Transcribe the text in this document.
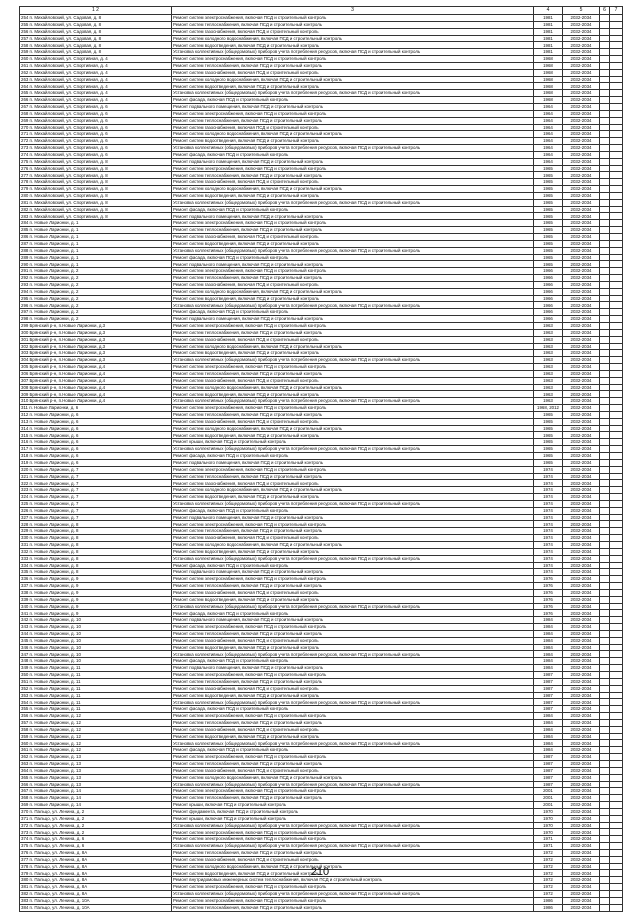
1 2	3	4	5	6	7
254 п. Михайловский, ул. Садовая, д. 8	Ремонт систем электроснабжения, включая ПСД и строительный контроль	1981	2032-2034		
255 п. Михайловский, ул. Садовая, д. 8	Ремонт систем теплоснабжения, включая ПСД и строительный контроль	1981	2032-2034		
256 п. Михайловский, ул. Садовая, д. 8	Ремонт систем газоснабжения, включая ПСД и строительный контроль	1981	2032-2034		
257 п. Михайловский, ул. Садовая, д. 8	Ремонт систем холодного водоснабжения, включая ПСД и строительный контроль	1981	2032-2034		
258 п. Михайловский, ул. Садовая, д. 8	Ремонт систем водоотведения, включая ПСД и строительный контроль	1981	2032-2034		
259 п. Михайловский, ул. Садовая, д. 8	Установка коллективных (общедомовых) приборов учета потребления ресурсов, включая ПСД и строительный контроль	1981	2032-2034		
260 п. Михайловский, ул. Спортивная, д. 4	Ремонт систем электроснабжения, включая ПСД и строительный контроль	1968	2032-2034		
261 п. Михайловский, ул. Спортивная, д. 4	Ремонт систем теплоснабжения, включая ПСД и строительный контроль	1968	2032-2034		
262 п. Михайловский, ул. Спортивная, д. 4	Ремонт систем газоснабжения, включая ПСД и строительный контроль	1968	2032-2034		
263 п. Михайловский, ул. Спортивная, д. 4	Ремонт систем холодного водоснабжения, включая ПСД и строительный контроль	1968	2032-2034		
264 п. Михайловский, ул. Спортивная, д. 4	Ремонт систем водоотведения, включая ПСД и строительный контроль	1968	2032-2034		
265 п. Михайловский, ул. Спортивная, д. 4	Установка коллективных (общедомовых) приборов учета потребления ресурсов, включая ПСД и строительный контроль	1968	2032-2034		
266 п. Михайловский, ул. Спортивная, д. 4	Ремонт фасада, включая ПСД и строительный контроль	1968	2032-2034		
267 п. Михайловский, ул. Спортивная, д. 6	Ремонт подвального помещения, включая ПСД и строительный контроль	1964	2032-2034		
268 п. Михайловский, ул. Спортивная, д. 6	Ремонт систем электроснабжения, включая ПСД и строительный контроль	1964	2032-2034		
269 п. Михайловский, ул. Спортивная, д. 6	Ремонт систем теплоснабжения, включая ПСД и строительный контроль	1964	2032-2034		
270 п. Михайловский, ул. Спортивная, д. 6	Ремонт систем газоснабжения, включая ПСД и строительный контроль	1964	2032-2034		
271 п. Михайловский, ул. Спортивная, д. 6	Ремонт систем холодного водоснабжения, включая ПСД и строительный контроль	1964	2032-2034		
272 п. Михайловский, ул. Спортивная, д. 6	Ремонт систем водоотведения, включая ПСД и строительный контроль	1964	2032-2034		
273 п. Михайловский, ул. Спортивная, д. 6	Установка коллективных (общедомовых) приборов учета потребления ресурсов, включая ПСД и строительный контроль	1964	2032-2034		
274 п. Михайловский, ул. Спортивная, д. 6	Ремонт фасада, включая ПСД и строительный контроль	1964	2032-2034		
275 п. Михайловский, ул. Спортивная, д. 8	Ремонт подвального помещения, включая ПСД и строительный контроль	1964	2032-2034		
276 п. Михайловский, ул. Спортивная, д. 8	Ремонт систем электроснабжения, включая ПСД и строительный контроль	1965	2032-2034		
277 п. Михайловский, ул. Спортивная, д. 8	Ремонт систем теплоснабжения, включая ПСД и строительный контроль	1965	2032-2034		
278 п. Михайловский, ул. Спортивная, д. 8	Ремонт систем газоснабжения, включая ПСД и строительный контроль	1965	2032-2034		
279 п. Михайловский, ул. Спортивная, д. 8	Ремонт систем холодного водоснабжения, включая ПСД и строительный контроль	1965	2032-2034		
280 п. Михайловский, ул. Спортивная, д. 8	Ремонт систем водоотведения, включая ПСД и строительный контроль	1965	2032-2034		
281 п. Михайловский, ул. Спортивная, д. 8	Установка коллективных (общедомовых) приборов учета потребления ресурсов, включая ПСД и строительный контроль	1965	2032-2034		
282 п. Михайловский, ул. Спортивная, д. 8	Ремонт фасада, включая ПСД и строительный контроль	1965	2032-2034		
283 п. Михайловский, ул. Спортивная, д. 8	Ремонт подвального помещения, включая ПСД и строительный контроль	1965	2032-2034		
284 п. Новые Ларионки, д. 1	Ремонт систем электроснабжения, включая ПСД и строительный контроль	1965	2032-2034		
285 п. Новые Ларионки, д. 1	Ремонт систем теплоснабжения, включая ПСД и строительный контроль	1965	2032-2034		
286 п. Новые Ларионки, д. 1	Ремонт систем газоснабжения, включая ПСД и строительный контроль	1965	2032-2034		
287 п. Новые Ларионки, д. 1	Ремонт систем водоотведения, включая ПСД и строительный контроль	1965	2032-2034		
288 п. Новые Ларионки, д. 1	Установка коллективных (общедомовых) приборов учета потребления ресурсов, включая ПСД и строительный контроль	1965	2032-2034		
289 п. Новые Ларионки, д. 1	Ремонт фасада, включая ПСД и строительный контроль	1965	2032-2034		
290 п. Новые Ларионки, д. 1	Ремонт подвального помещения, включая ПСД и строительный контроль	1965	2032-2034		
291 п. Новые Ларионки, д. 2	Ремонт систем электроснабжения, включая ПСД и строительный контроль	1966	2032-2034		
292 п. Новые Ларионки, д. 2	Ремонт систем теплоснабжения, включая ПСД и строительный контроль	1966	2032-2034		
293 п. Новые Ларионки, д. 2	Ремонт систем газоснабжения, включая ПСД и строительный контроль	1966	2032-2034		
294 п. Новые Ларионки, д. 2	Ремонт систем холодного водоснабжения, включая ПСД и строительный контроль	1966	2032-2034		
295 п. Новые Ларионки, д. 2	Ремонт систем водоотведения, включая ПСД и строительный контроль	1966	2032-2034		
296 п. Новые Ларионки, д. 2	Установка коллективных (общедомовых) приборов учета потребления ресурсов, включая ПСД и строительный контроль	1966	2032-2034		
297 п. Новые Ларионки, д. 2	Ремонт фасада, включая ПСД и строительный контроль	1966	2032-2034		
298 п. Новые Ларионки, д. 2	Ремонт подвального помещения, включая ПСД и строительный контроль	1966	2032-2034		
299 Брянский р-н, п.Новые Ларионки, д.3	Ремонт систем электроснабжения, включая ПСД и строительный контроль	1963	2032-2034		
300 Брянский р-н, п.Новые Ларионки, д.3	Ремонт систем теплоснабжения, включая ПСД и строительный контроль	1963	2032-2034		
301 Брянский р-н, п.Новые Ларионки, д.3	Ремонт систем газоснабжения, включая ПСД и строительный контроль	1963	2032-2034		
302 Брянский р-н, п.Новые Ларионки, д.3	Ремонт систем холодного водоснабжения, включая ПСД и строительный контроль	1963	2032-2034		
303 Брянский р-н, п.Новые Ларионки, д.3	Ремонт систем водоотведения, включая ПСД и строительный контроль	1963	2032-2034		
304 Брянский р-н, п.Новые Ларионки, д.3	Установка коллективных (общедомовых) приборов учета потребления ресурсов, включая ПСД и строительный контроль	1963	2032-2034		
305 Брянский р-н, п.Новые Ларионки, д.4	Ремонт систем электроснабжения, включая ПСД и строительный контроль	1963	2032-2034		
306 Брянский р-н, п.Новые Ларионки, д.4	Ремонт систем теплоснабжения, включая ПСД и строительный контроль	1963	2032-2034		
307 Брянский р-н, п.Новые Ларионки, д.4	Ремонт систем газоснабжения, включая ПСД и строительный контроль	1963	2032-2034		
308 Брянский р-н, п.Новые Ларионки, д.4	Ремонт систем холодного водоснабжения, включая ПСД и строительный контроль	1963	2032-2034		
309 Брянский р-н, п.Новые Ларионки, д.4	Ремонт систем водоотведения, включая ПСД и строительный контроль	1963	2032-2034		
310 Брянский р-н, п.Новые Ларионки, д.4	Установка коллективных (общедомовых) приборов учета потребления ресурсов, включая ПСД и строительный контроль	1963	2032-2034		
311 п. Новые Ларионки, д. 6	Ремонт систем электроснабжения, включая ПСД и строительный контроль	1968, 2012	2032-2034		
312 п. Новые Ларионки, д. 6	Ремонт систем теплоснабжения, включая ПСД и строительный контроль	1965	2032-2034		
313 п. Новые Ларионки, д. 6	Ремонт систем газоснабжения, включая ПСД и строительный контроль	1965	2032-2034		
314 п. Новые Ларионки, д. 6	Ремонт систем холодного водоснабжения, включая ПСД и строительный контроль	1965	2032-2034		
315 п. Новые Ларионки, д. 6	Ремонт систем водоотведения, включая ПСД и строительный контроль	1965	2032-2034		
316 п. Новые Ларионки, д. 6	Ремонт крыши, включая ПСД и строительный контроль	1965	2032-2034		
317 п. Новые Ларионки, д. 6	Установка коллективных (общедомовых) приборов учета потребления ресурсов, включая ПСД и строительный контроль	1965	2032-2034		
318 п. Новые Ларионки, д. 6	Ремонт фасада, включая ПСД и строительный контроль	1965	2032-2034		
319 п. Новые Ларионки, д. 6	Ремонт подвального помещения, включая ПСД и строительный контроль	1965	2032-2034		
320 п. Новые Ларионки, д. 7	Ремонт систем электроснабжения, включая ПСД и строительный контроль	1974	2032-2034		
321 п. Новые Ларионки, д. 7	Ремонт систем теплоснабжения, включая ПСД и строительный контроль	1974	2032-2034		
322 п. Новые Ларионки, д. 7	Ремонт систем газоснабжения, включая ПСД и строительный контроль	1974	2032-2034		
323 п. Новые Ларионки, д. 7	Ремонт систем холодного водоснабжения, включая ПСД и строительный контроль	1974	2032-2034		
324 п. Новые Ларионки, д. 7	Ремонт систем водоотведения, включая ПСД и строительный контроль	1974	2032-2034		
325 п. Новые Ларионки, д. 7	Установка коллективных (общедомовых) приборов учета потребления ресурсов, включая ПСД и строительный контроль	1974	2032-2034		
326 п. Новые Ларионки, д. 7	Ремонт фасада, включая ПСД и строительный контроль	1974	2032-2034		
327 п. Новые Ларионки, д. 7	Ремонт подвального помещения, включая ПСД и строительный контроль	1974	2032-2034		
328 п. Новые Ларионки, д. 8	Ремонт систем электроснабжения, включая ПСД и строительный контроль	1974	2032-2034		
329 п. Новые Ларионки, д. 8	Ремонт систем теплоснабжения, включая ПСД и строительный контроль	1974	2032-2034		
330 п. Новые Ларионки, д. 8	Ремонт систем газоснабжения, включая ПСД и строительный контроль	1974	2032-2034		
331 п. Новые Ларионки, д. 8	Ремонт систем холодного водоснабжения, включая ПСД и строительный контроль	1974	2032-2034		
332 п. Новые Ларионки, д. 8	Ремонт систем водоотведения, включая ПСД и строительный контроль	1974	2032-2034		
333 п. Новые Ларионки, д. 8	Установка коллективных (общедомовых) приборов учета потребления ресурсов, включая ПСД и строительный контроль	1974	2032-2034		
334 п. Новые Ларионки, д. 8	Ремонт фасада, включая ПСД и строительный контроль	1974	2032-2034		
335 п. Новые Ларионки, д. 8	Ремонт подвального помещения, включая ПСД и строительный контроль	1974	2032-2034		
336 п. Новые Ларионки, д. 9	Ремонт систем электроснабжения, включая ПСД и строительный контроль	1976	2032-2034		
337 п. Новые Ларионки, д. 9	Ремонт систем теплоснабжения, включая ПСД и строительный контроль	1976	2032-2034		
338 п. Новые Ларионки, д. 9	Ремонт систем газоснабжения, включая ПСД и строительный контроль	1976	2032-2034		
339 п. Новые Ларионки, д. 9	Ремонт систем водоотведения, включая ПСД и строительный контроль	1976	2032-2034		
340 п. Новые Ларионки, д. 9	Установка коллективных (общедомовых) приборов учета потребления ресурсов, включая ПСД и строительный контроль	1976	2032-2034		
341 п. Новые Ларионки, д. 9	Ремонт фасада, включая ПСД и строительный контроль	1976	2032-2034		
342 п. Новые Ларионки, д. 10	Ремонт подвального помещения, включая ПСД и строительный контроль	1984	2032-2034		
343 п. Новые Ларионки, д. 10	Ремонт систем электроснабжения, включая ПСД и строительный контроль	1984	2032-2034		
344 п. Новые Ларионки, д. 10	Ремонт систем теплоснабжения, включая ПСД и строительный контроль	1984	2032-2034		
345 п. Новые Ларионки, д. 10	Ремонт систем газоснабжения, включая ПСД и строительный контроль	1984	2032-2034		
346 п. Новые Ларионки, д. 10	Ремонт систем водоотведения, включая ПСД и строительный контроль	1984	2032-2034		
347 п. Новые Ларионки, д. 10	Установка коллективных (общедомовых) приборов учета потребления ресурсов, включая ПСД и строительный контроль	1984	2032-2034		
348 п. Новые Ларионки, д. 10	Ремонт фасада, включая ПСД и строительный контроль	1984	2032-2034		
349 п. Новые Ларионки, д. 11	Ремонт подвального помещения, включая ПСД и строительный контроль	1984	2032-2034		
350 п. Новые Ларионки, д. 11	Ремонт систем электроснабжения, включая ПСД и строительный контроль	1987	2032-2034		
351 п. Новые Ларионки, д. 11	Ремонт систем теплоснабжения, включая ПСД и строительный контроль	1987	2032-2034		
352 п. Новые Ларионки, д. 11	Ремонт систем газоснабжения, включая ПСД и строительный контроль	1987	2032-2034		
353 п. Новые Ларионки, д. 11	Ремонт систем водоотведения, включая ПСД и строительный контроль	1987	2032-2034		
354 п. Новые Ларионки, д. 11	Установка коллективных (общедомовых) приборов учета потребления ресурсов, включая ПСД и строительный контроль	1987	2032-2034		
355 п. Новые Ларионки, д. 11	Ремонт фасада, включая ПСД и строительный контроль	1987	2032-2034		
356 п. Новые Ларионки, д. 12	Ремонт систем электроснабжения, включая ПСД и строительный контроль	1984	2032-2034		
357 п. Новые Ларионки, д. 12	Ремонт систем теплоснабжения, включая ПСД и строительный контроль	1984	2032-2034		
358 п. Новые Ларионки, д. 12	Ремонт систем газоснабжения, включая ПСД и строительный контроль	1984	2032-2034		
359 п. Новые Ларионки, д. 12	Ремонт систем водоотведения, включая ПСД и строительный контроль	1984	2032-2034		
360 п. Новые Ларионки, д. 12	Установка коллективных (общедомовых) приборов учета потребления ресурсов, включая ПСД и строительный контроль	1984	2032-2034		
361 п. Новые Ларионки, д. 12	Ремонт фасада, включая ПСД и строительный контроль	1984	2032-2034		
362 п. Новые Ларионки, д. 13	Ремонт систем электроснабжения, включая ПСД и строительный контроль	1987	2032-2034		
363 п. Новые Ларионки, д. 13	Ремонт систем теплоснабжения, включая ПСД и строительный контроль	1987	2032-2034		
364 п. Новые Ларионки, д. 13	Ремонт систем газоснабжения, включая ПСД и строительный контроль	1987	2032-2034		
365 п. Новые Ларионки, д. 13	Ремонт систем холодного водоснабжения, включая ПСД и строительный контроль	1987	2032-2034		
366 п. Новые Ларионки, д. 13	Установка коллективных (общедомовых) приборов учета потребления ресурсов, включая ПСД и строительный контроль	1987	2032-2034		
367 п. Новые Ларионки, д. 14	Ремонт систем электроснабжения, включая ПСД и строительный контроль	2001	2032-2034		
368 п. Новые Ларионки, д. 14	Ремонт систем теплоснабжения, включая ПСД и строительный контроль	2001	2032-2034		
369 п. Новые Ларионки, д. 14	Ремонт крыши, включая ПСД и строительный контроль	2001	2032-2034		
370 п. Пальцо, ул. Ленина, д. 2	Ремонт фундамента, включая ПСД и строительный контроль	1970	2032-2034		
371 п. Пальцо, ул. Ленина, д. 2	Ремонт крыши, включая ПСД и строительный контроль	1970	2032-2034		
372 п. Пальцо, ул. Ленина, д. 2	Установка коллективных (общедомовых) приборов учета потребления ресурсов, включая ПСД и строительный контроль	1970	2032-2034		
373 п. Пальцо, ул. Ленина, д. 2	Ремонт систем электроснабжения, включая ПСД и строительный контроль	1970	2032-2034		
374 п. Пальцо, ул. Ленина, д. 6	Ремонт систем электроснабжения, включая ПСД и строительный контроль	1971	2032-2034		
375 п. Пальцо, ул. Ленина, д. 6	Установка коллективных (общедомовых) приборов учета потребления ресурсов, включая ПСД и строительный контроль	1971	2032-2034		
376 п. Пальцо, ул. Ленина, д. 8А	Ремонт систем теплоснабжения, включая ПСД и строительный контроль	1972	2032-2034		
377 п. Пальцо, ул. Ленина, д. 8А	Ремонт систем газоснабжения, включая ПСД и строительный контроль	1972	2032-2034		
378 п. Пальцо, ул. Ленина, д. 8А	Ремонт систем холодного водоснабжения, включая ПСД и строительный контроль	1972	2032-2034		
379 п. Пальцо, ул. Ленина, д. 8А	Ремонт систем водоотведения, включая ПСД и строительный контроль	1972	2032-2034		
380 п. Пальцо, ул. Ленина, д. 8А	Ремонт внутридомовых инженерных систем теплоснабжения, включая ПСД и строительный контроль	1972	2032-2034		
381 п. Пальцо, ул. Ленина, д. 8А	Ремонт систем электроснабжения, включая ПСД и строительный контроль	1972	2032-2034		
382 п. Пальцо, ул. Ленина, д. 8А	Установка коллективных (общедомовых) приборов учета потребления ресурсов, включая ПСД и строительный контроль	1972	2032-2034		
383 п. Пальцо, ул. Ленина, д. 10А	Ремонт систем электроснабжения, включая ПСД и строительный контроль	1986	2032-2034		
384 п. Пальцо, ул. Ленина, д. 10А	Ремонт систем теплоснабжения, включая ПСД и строительный контроль	1986	2032-2034		
210
